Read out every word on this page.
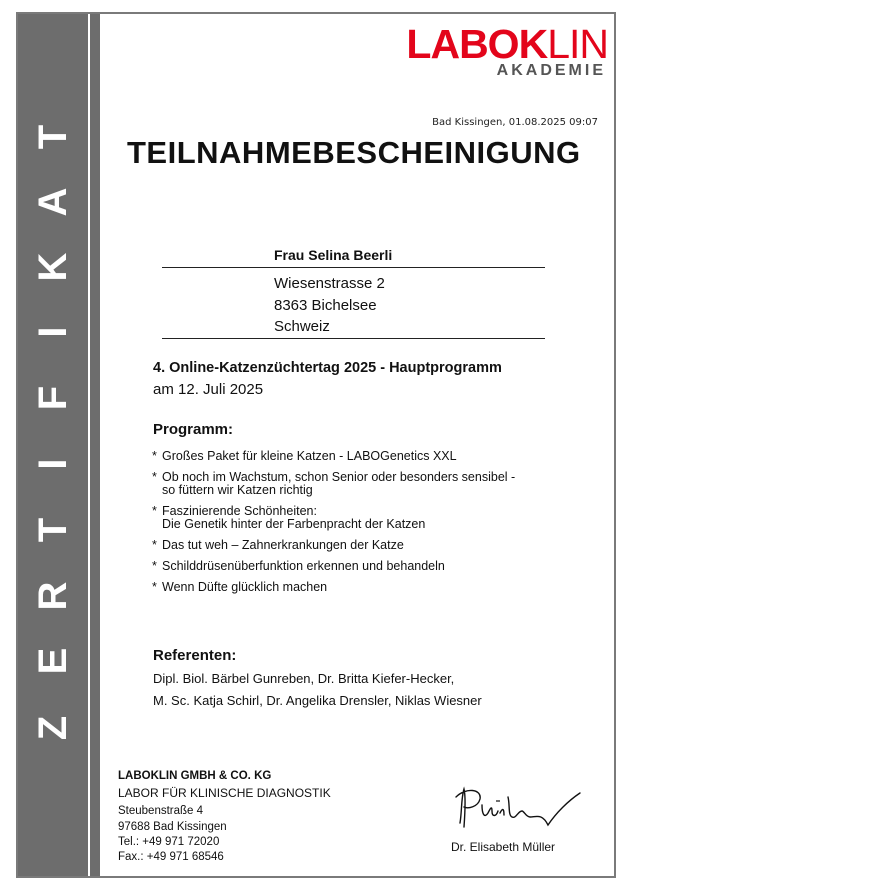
Z
E
R
T
I
F
I
K
A
T
LABOKLIN
AKADEMIE
Bad Kissingen, 01.08.2025 09:07
TEILNAHMEBESCHEINIGUNG
Frau Selina Beerli
Wiesenstrasse 2
8363 Bichelsee
Schweiz
4. Online-Katzenzüchtertag 2025 - Hauptprogramm
am 12. Juli 2025
Programm:
* Großes Paket für kleine Katzen - LABOGenetics XXL
* Ob noch im Wachstum, schon Senior oder besonders sensibel -
so füttern wir Katzen richtig
* Faszinierende Schönheiten:
Die Genetik hinter der Farbenpracht der Katzen
* Das tut weh – Zahnerkrankungen der Katze
* Schilddrüsenüberfunktion erkennen und behandeln
* Wenn Düfte glücklich machen
Referenten:
Dipl. Biol. Bärbel Gunreben, Dr. Britta Kiefer-Hecker,
M. Sc. Katja Schirl, Dr. Angelika Drensler, Niklas Wiesner
LABOKLIN GMBH & CO. KG
LABOR FÜR KLINISCHE DIAGNOSTIK
Steubenstraße 4
97688 Bad Kissingen
Tel.: +49 971 72020
Fax.: +49 971 68546
Dr. Elisabeth Müller
